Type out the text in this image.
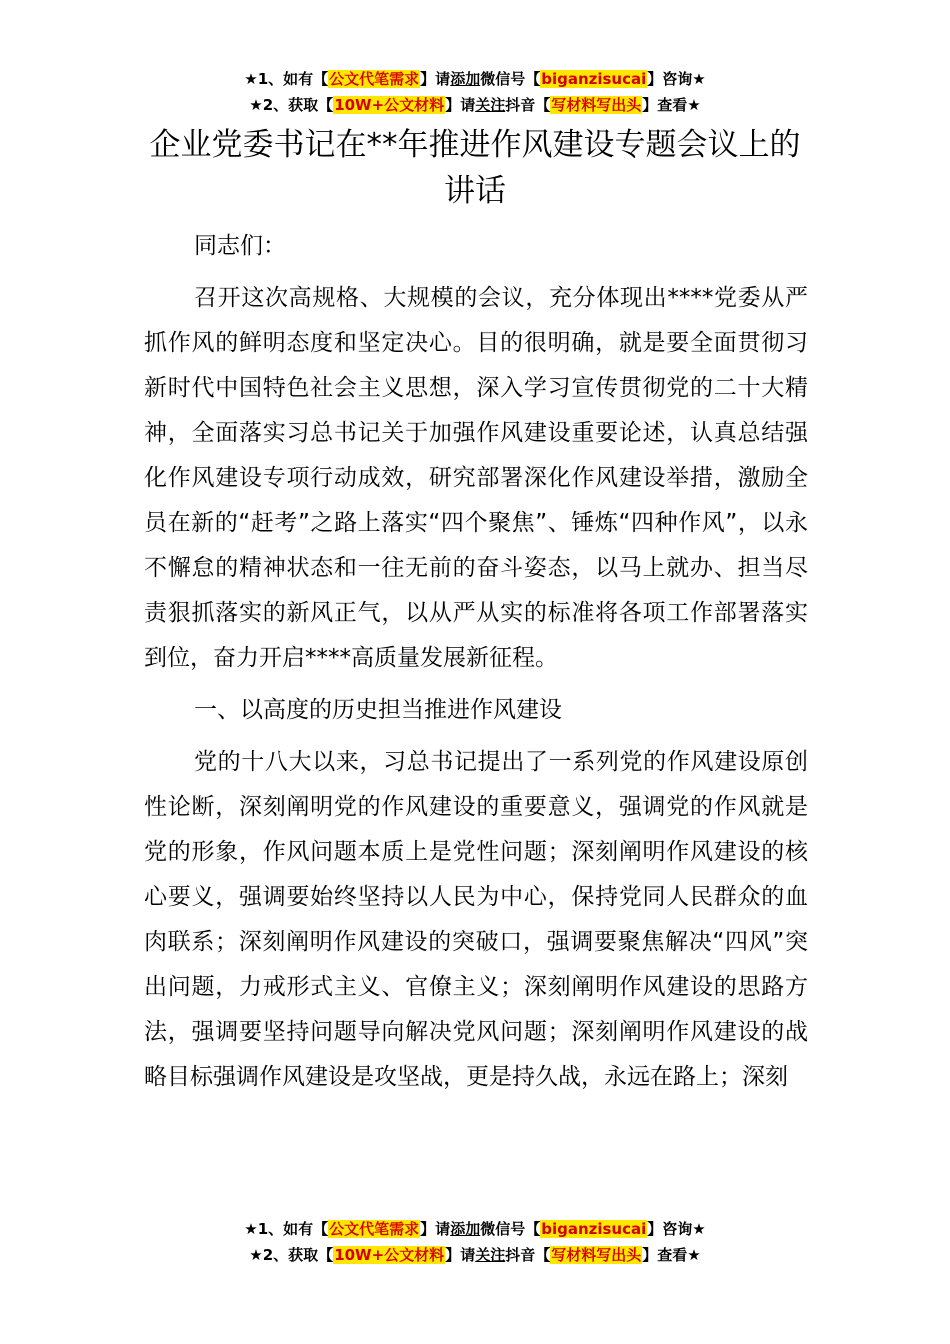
★1、如有【公文代笔需求】请添加微信号【biganzisucai】咨询★
★2、获取【10W+公文材料】请关注抖音【写材料写出头】查看★
企业党委书记在**年推进作风建设专题会议上的讲话

同志们：

召开这次高规格、大规模的会议，充分体现出****党委从严抓作风的鲜明态度和坚定决心。目的很明确，就是要全面贯彻习新时代中国特色社会主义思想，深入学习宣传贯彻党的二十大精神，全面落实习总书记关于加强作风建设重要论述，认真总结强化作风建设专项行动成效，研究部署深化作风建设举措，激励全员在新的“赶考”之路上落实“四个聚焦”、锤炼“四种作风”，以永不懈怠的精神状态和一往无前的奋斗姿态，以马上就办、担当尽责狠抓落实的新风正气，以从严从实的标准将各项工作部署落实到位，奋力开启****高质量发展新征程。

一、以高度的历史担当推进作风建设

党的十八大以来，习总书记提出了一系列党的作风建设原创性论断，深刻阐明党的作风建设的重要意义，强调党的作风就是党的形象，作风问题本质上是党性问题；深刻阐明作风建设的核心要义，强调要始终坚持以人民为中心，保持党同人民群众的血肉联系；深刻阐明作风建设的突破口，强调要聚焦解决“四风”突出问题，力戒形式主义、官僚主义；深刻阐明作风建设的思路方法，强调要坚持问题导向解决党风问题；深刻阐明作风建设的战略目标强调作风建设是攻坚战，更是持久战，永远在路上；深刻

★1、如有【公文代笔需求】请添加微信号【biganzisucai】咨询★
★2、获取【10W+公文材料】请关注抖音【写材料写出头】查看★
